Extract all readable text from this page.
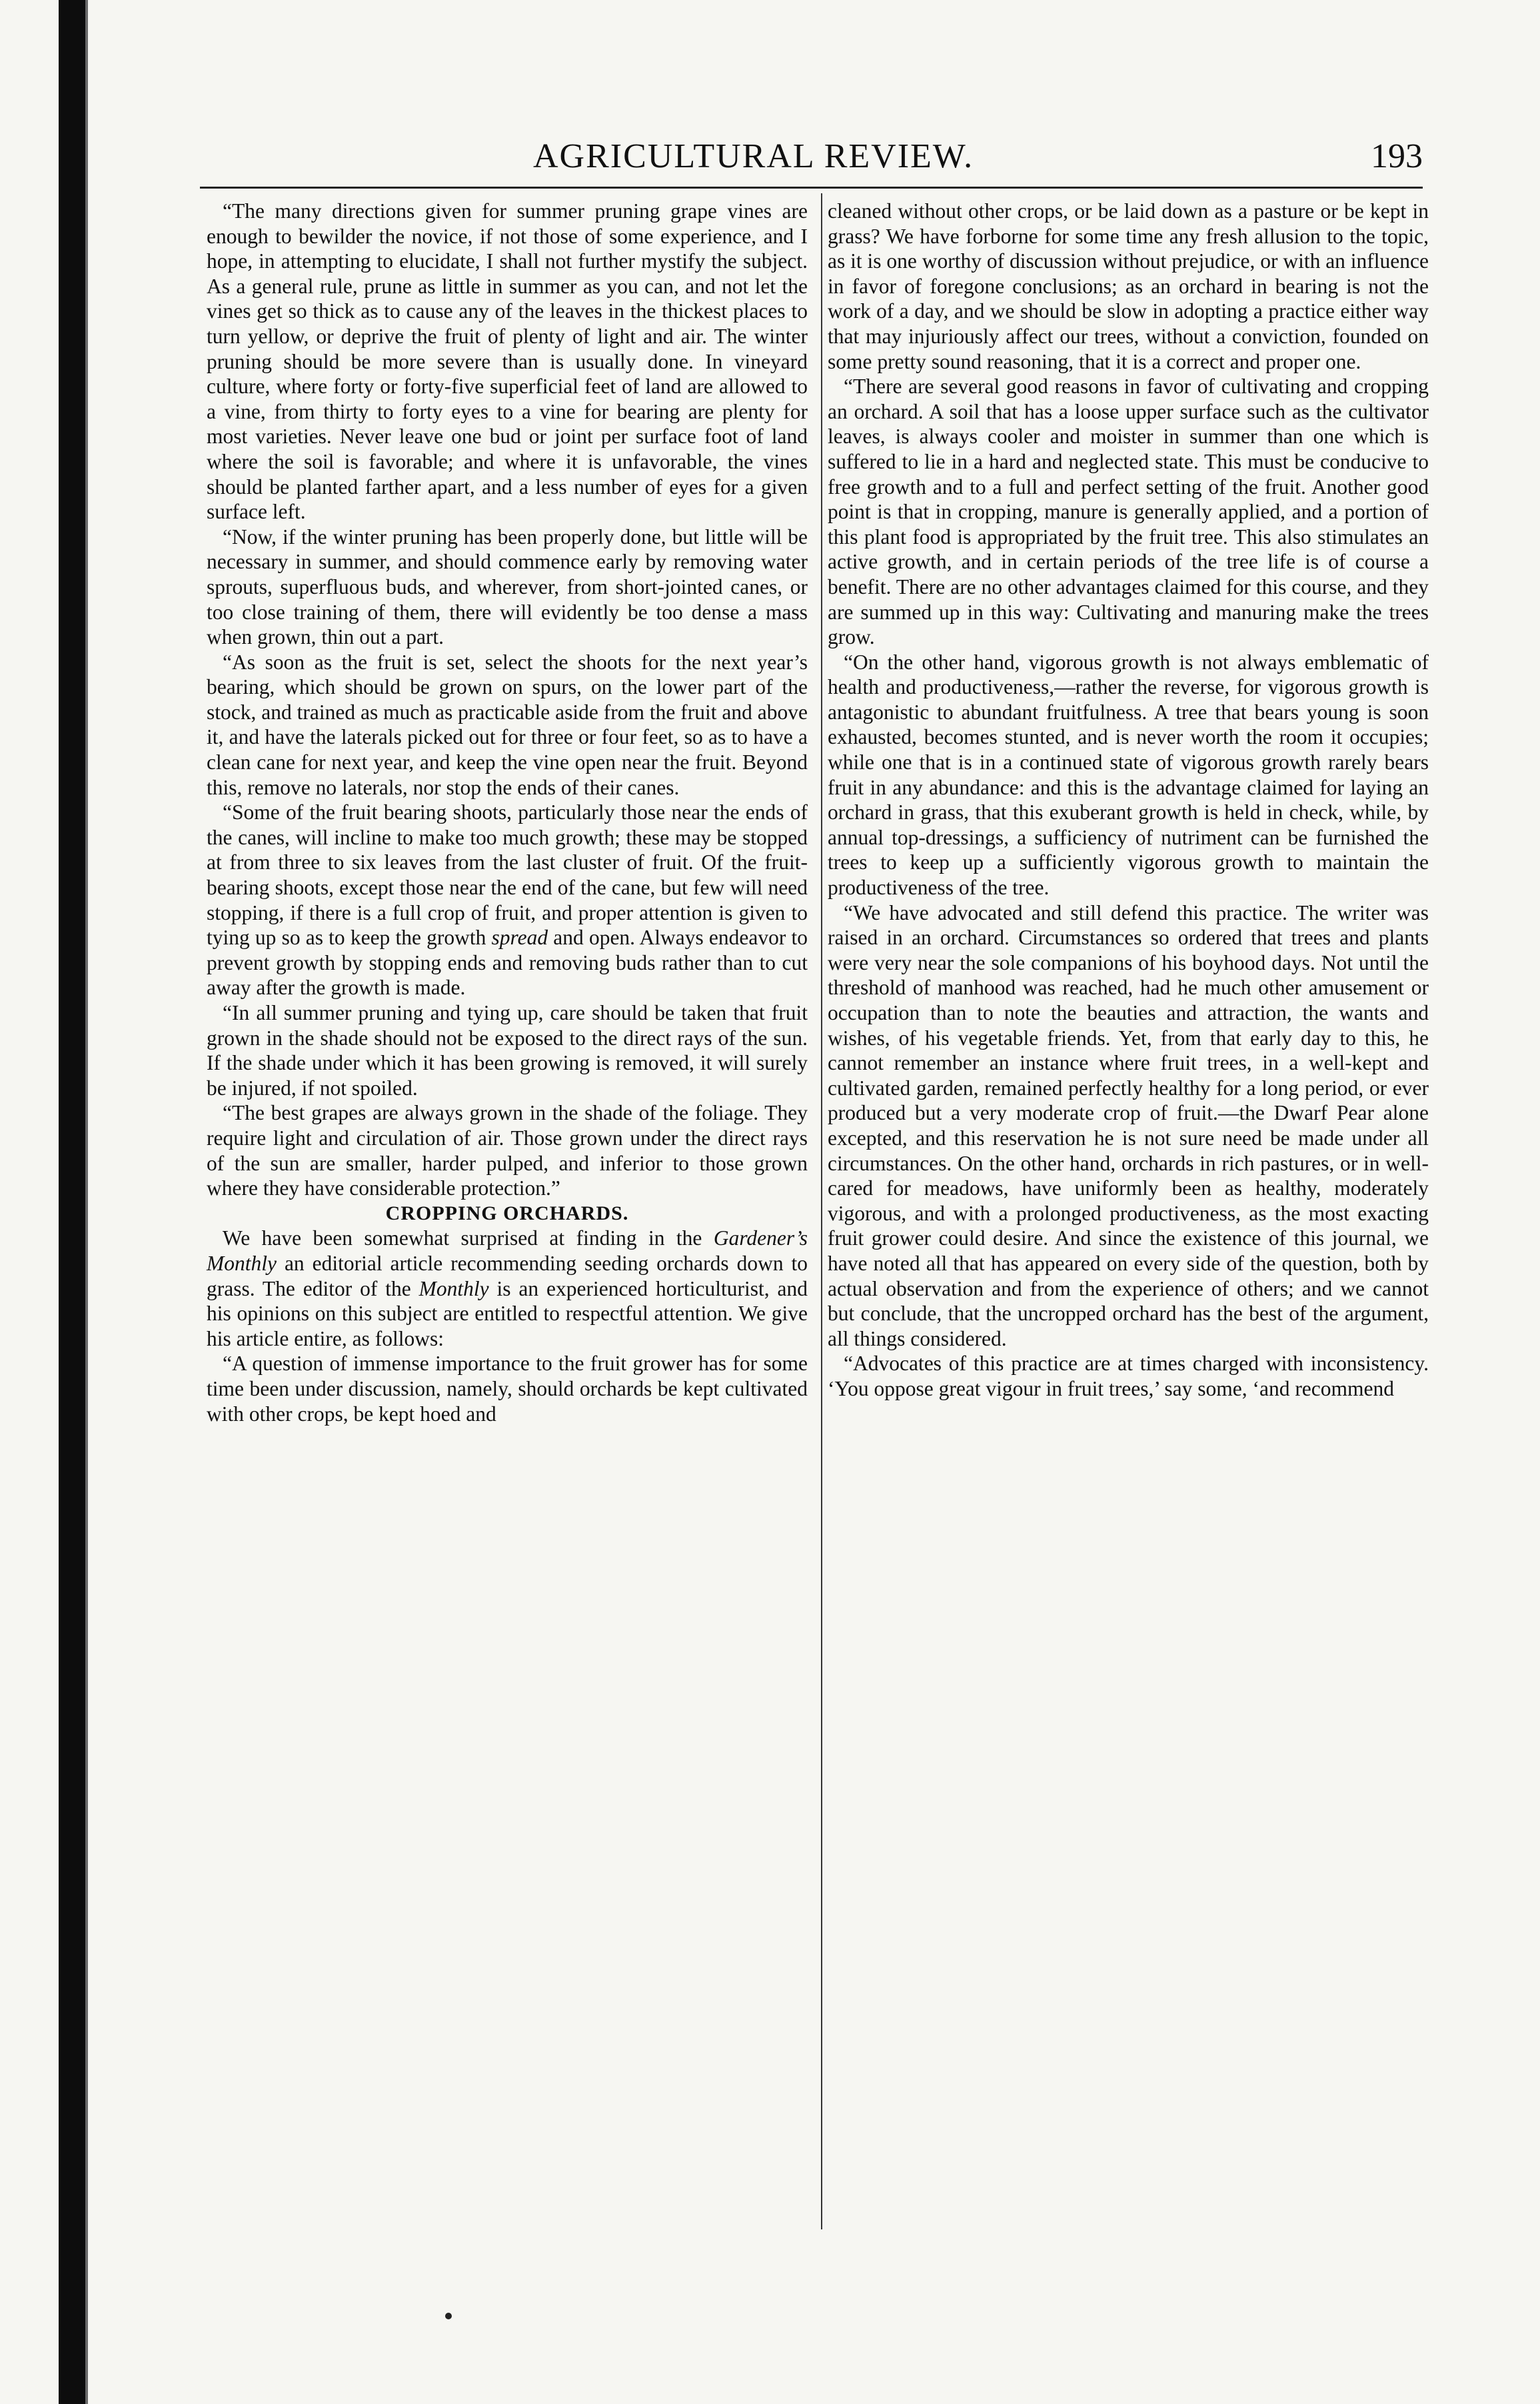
AGRICULTURAL REVIEW.	193

“The many directions given for summer pruning grape vines are enough to bewilder the novice, if not those of some experience, and I hope, in attempting to elucidate, I shall not further mystify the subject. As a general rule, prune as little in summer as you can, and not let the vines get so thick as to cause any of the leaves in the thickest places to turn yellow, or deprive the fruit of plenty of light and air. The winter pruning should be more severe than is usually done. In vineyard culture, where forty or forty-five superficial feet of land are allowed to a vine, from thirty to forty eyes to a vine for bearing are plenty for most varieties. Never leave one bud or joint per surface foot of land where the soil is favorable; and where it is unfavorable, the vines should be planted farther apart, and a less number of eyes for a given surface left.

“Now, if the winter pruning has been properly done, but little will be necessary in summer, and should commence early by removing water sprouts, superfluous buds, and wherever, from short-jointed canes, or too close training of them, there will evidently be too dense a mass when grown, thin out a part.

“As soon as the fruit is set, select the shoots for the next year’s bearing, which should be grown on spurs, on the lower part of the stock, and trained as much as practicable aside from the fruit and above it, and have the laterals picked out for three or four feet, so as to have a clean cane for next year, and keep the vine open near the fruit. Beyond this, remove no laterals, nor stop the ends of their canes.

“Some of the fruit bearing shoots, particularly those near the ends of the canes, will incline to make too much growth; these may be stopped at from three to six leaves from the last cluster of fruit. Of the fruit-bearing shoots, except those near the end of the cane, but few will need stopping, if there is a full crop of fruit, and proper attention is given to tying up so as to keep the growth spread and open. Always endeavor to prevent growth by stopping ends and removing buds rather than to cut away after the growth is made.

“In all summer pruning and tying up, care should be taken that fruit grown in the shade should not be exposed to the direct rays of the sun. If the shade under which it has been growing is removed, it will surely be injured, if not spoiled.

“The best grapes are always grown in the shade of the foliage. They require light and circulation of air. Those grown under the direct rays of the sun are smaller, harder pulped, and inferior to those grown where they have considerable protection.”

CROPPING ORCHARDS.

We have been somewhat surprised at finding in the Gardener’s Monthly an editorial article recommending seeding orchards down to grass. The editor of the Monthly is an experienced horticulturist, and his opinions on this subject are entitled to respectful attention. We give his article entire, as follows:

“A question of immense importance to the fruit grower has for some time been under discussion, namely, should orchards be kept cultivated with other crops, be kept hoed and

cleaned without other crops, or be laid down as a pasture or be kept in grass? We have forborne for some time any fresh allusion to the topic, as it is one worthy of discussion without prejudice, or with an influence in favor of foregone conclusions; as an orchard in bearing is not the work of a day, and we should be slow in adopting a practice either way that may injuriously affect our trees, without a conviction, founded on some pretty sound reasoning, that it is a correct and proper one.

“There are several good reasons in favor of cultivating and cropping an orchard. A soil that has a loose upper surface such as the cultivator leaves, is always cooler and moister in summer than one which is suffered to lie in a hard and neglected state. This must be conducive to free growth and to a full and perfect setting of the fruit. Another good point is that in cropping, manure is generally applied, and a portion of this plant food is appropriated by the fruit tree. This also stimulates an active growth, and in certain periods of the tree life is of course a benefit. There are no other advantages claimed for this course, and they are summed up in this way: Cultivating and manuring make the trees grow.

“On the other hand, vigorous growth is not always emblematic of health and productiveness,—rather the reverse, for vigorous growth is antagonistic to abundant fruitfulness. A tree that bears young is soon exhausted, becomes stunted, and is never worth the room it occupies; while one that is in a continued state of vigorous growth rarely bears fruit in any abundance: and this is the advantage claimed for laying an orchard in grass, that this exuberant growth is held in check, while, by annual top-dressings, a sufficiency of nutriment can be furnished the trees to keep up a sufficiently vigorous growth to maintain the productiveness of the tree.

“We have advocated and still defend this practice. The writer was raised in an orchard. Circumstances so ordered that trees and plants were very near the sole companions of his boyhood days. Not until the threshold of manhood was reached, had he much other amusement or occupation than to note the beauties and attraction, the wants and wishes, of his vegetable friends. Yet, from that early day to this, he cannot remember an instance where fruit trees, in a well-kept and cultivated garden, remained perfectly healthy for a long period, or ever produced but a very moderate crop of fruit.—the Dwarf Pear alone excepted, and this reservation he is not sure need be made under all circumstances. On the other hand, orchards in rich pastures, or in well-cared for meadows, have uniformly been as healthy, moderately vigorous, and with a prolonged productiveness, as the most exacting fruit grower could desire. And since the existence of this journal, we have noted all that has appeared on every side of the question, both by actual observation and from the experience of others; and we cannot but conclude, that the uncropped orchard has the best of the argument, all things considered.

“Advocates of this practice are at times charged with inconsistency. ‘You oppose great vigour in fruit trees,’ say some, ‘and recommend
